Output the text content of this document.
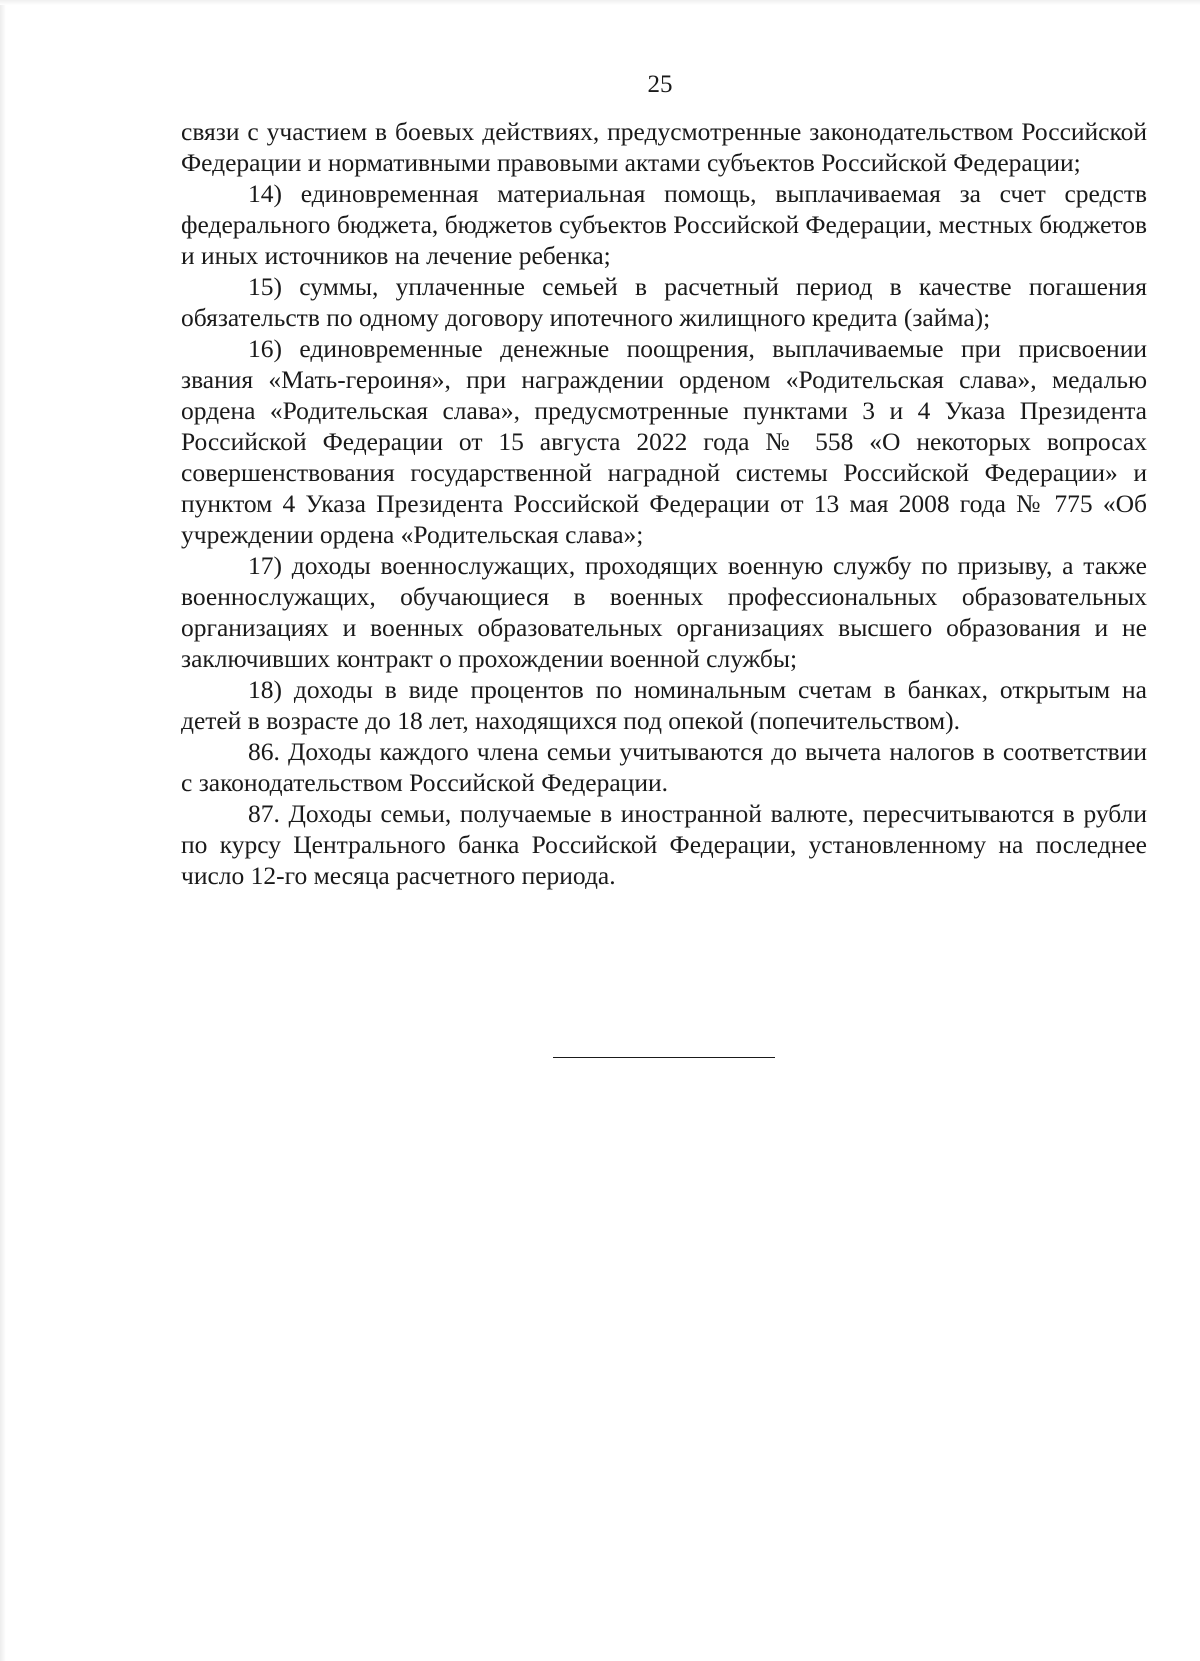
25

связи с участием в боевых действиях, предусмотренные законодательством Российской Федерации и нормативными правовыми актами субъектов Российской Федерации;

14) единовременная материальная помощь, выплачиваемая за счет средств федерального бюджета, бюджетов субъектов Российской Федерации, местных бюджетов и иных источников на лечение ребенка;

15) суммы, уплаченные семьей в расчетный период в качестве погашения обязательств по одному договору ипотечного жилищного кредита (займа);

16) единовременные денежные поощрения, выплачиваемые при присвоении звания «Мать-героиня», при награждении орденом «Родительская слава», медалью ордена «Родительская слава», предусмотренные пунктами 3 и 4 Указа Президента Российской Федерации от 15 августа 2022 года № 558 «О некоторых вопросах совершенствования государственной наградной системы Российской Федерации» и пунктом 4 Указа Президента Российской Федерации от 13 мая 2008 года № 775 «Об учреждении ордена «Родительская слава»;

17) доходы военнослужащих, проходящих военную службу по призыву, а также военнослужащих, обучающиеся в военных профессиональных образовательных организациях и военных образовательных организациях высшего образования и не заключивших контракт о прохождении военной службы;

18) доходы в виде процентов по номинальным счетам в банках, открытым на детей в возрасте до 18 лет, находящихся под опекой (попечительством).

86. Доходы каждого члена семьи учитываются до вычета налогов в соответствии с законодательством Российской Федерации.

87. Доходы семьи, получаемые в иностранной валюте, пересчитываются в рубли по курсу Центрального банка Российской Федерации, установленному на последнее число 12-го месяца расчетного периода.
